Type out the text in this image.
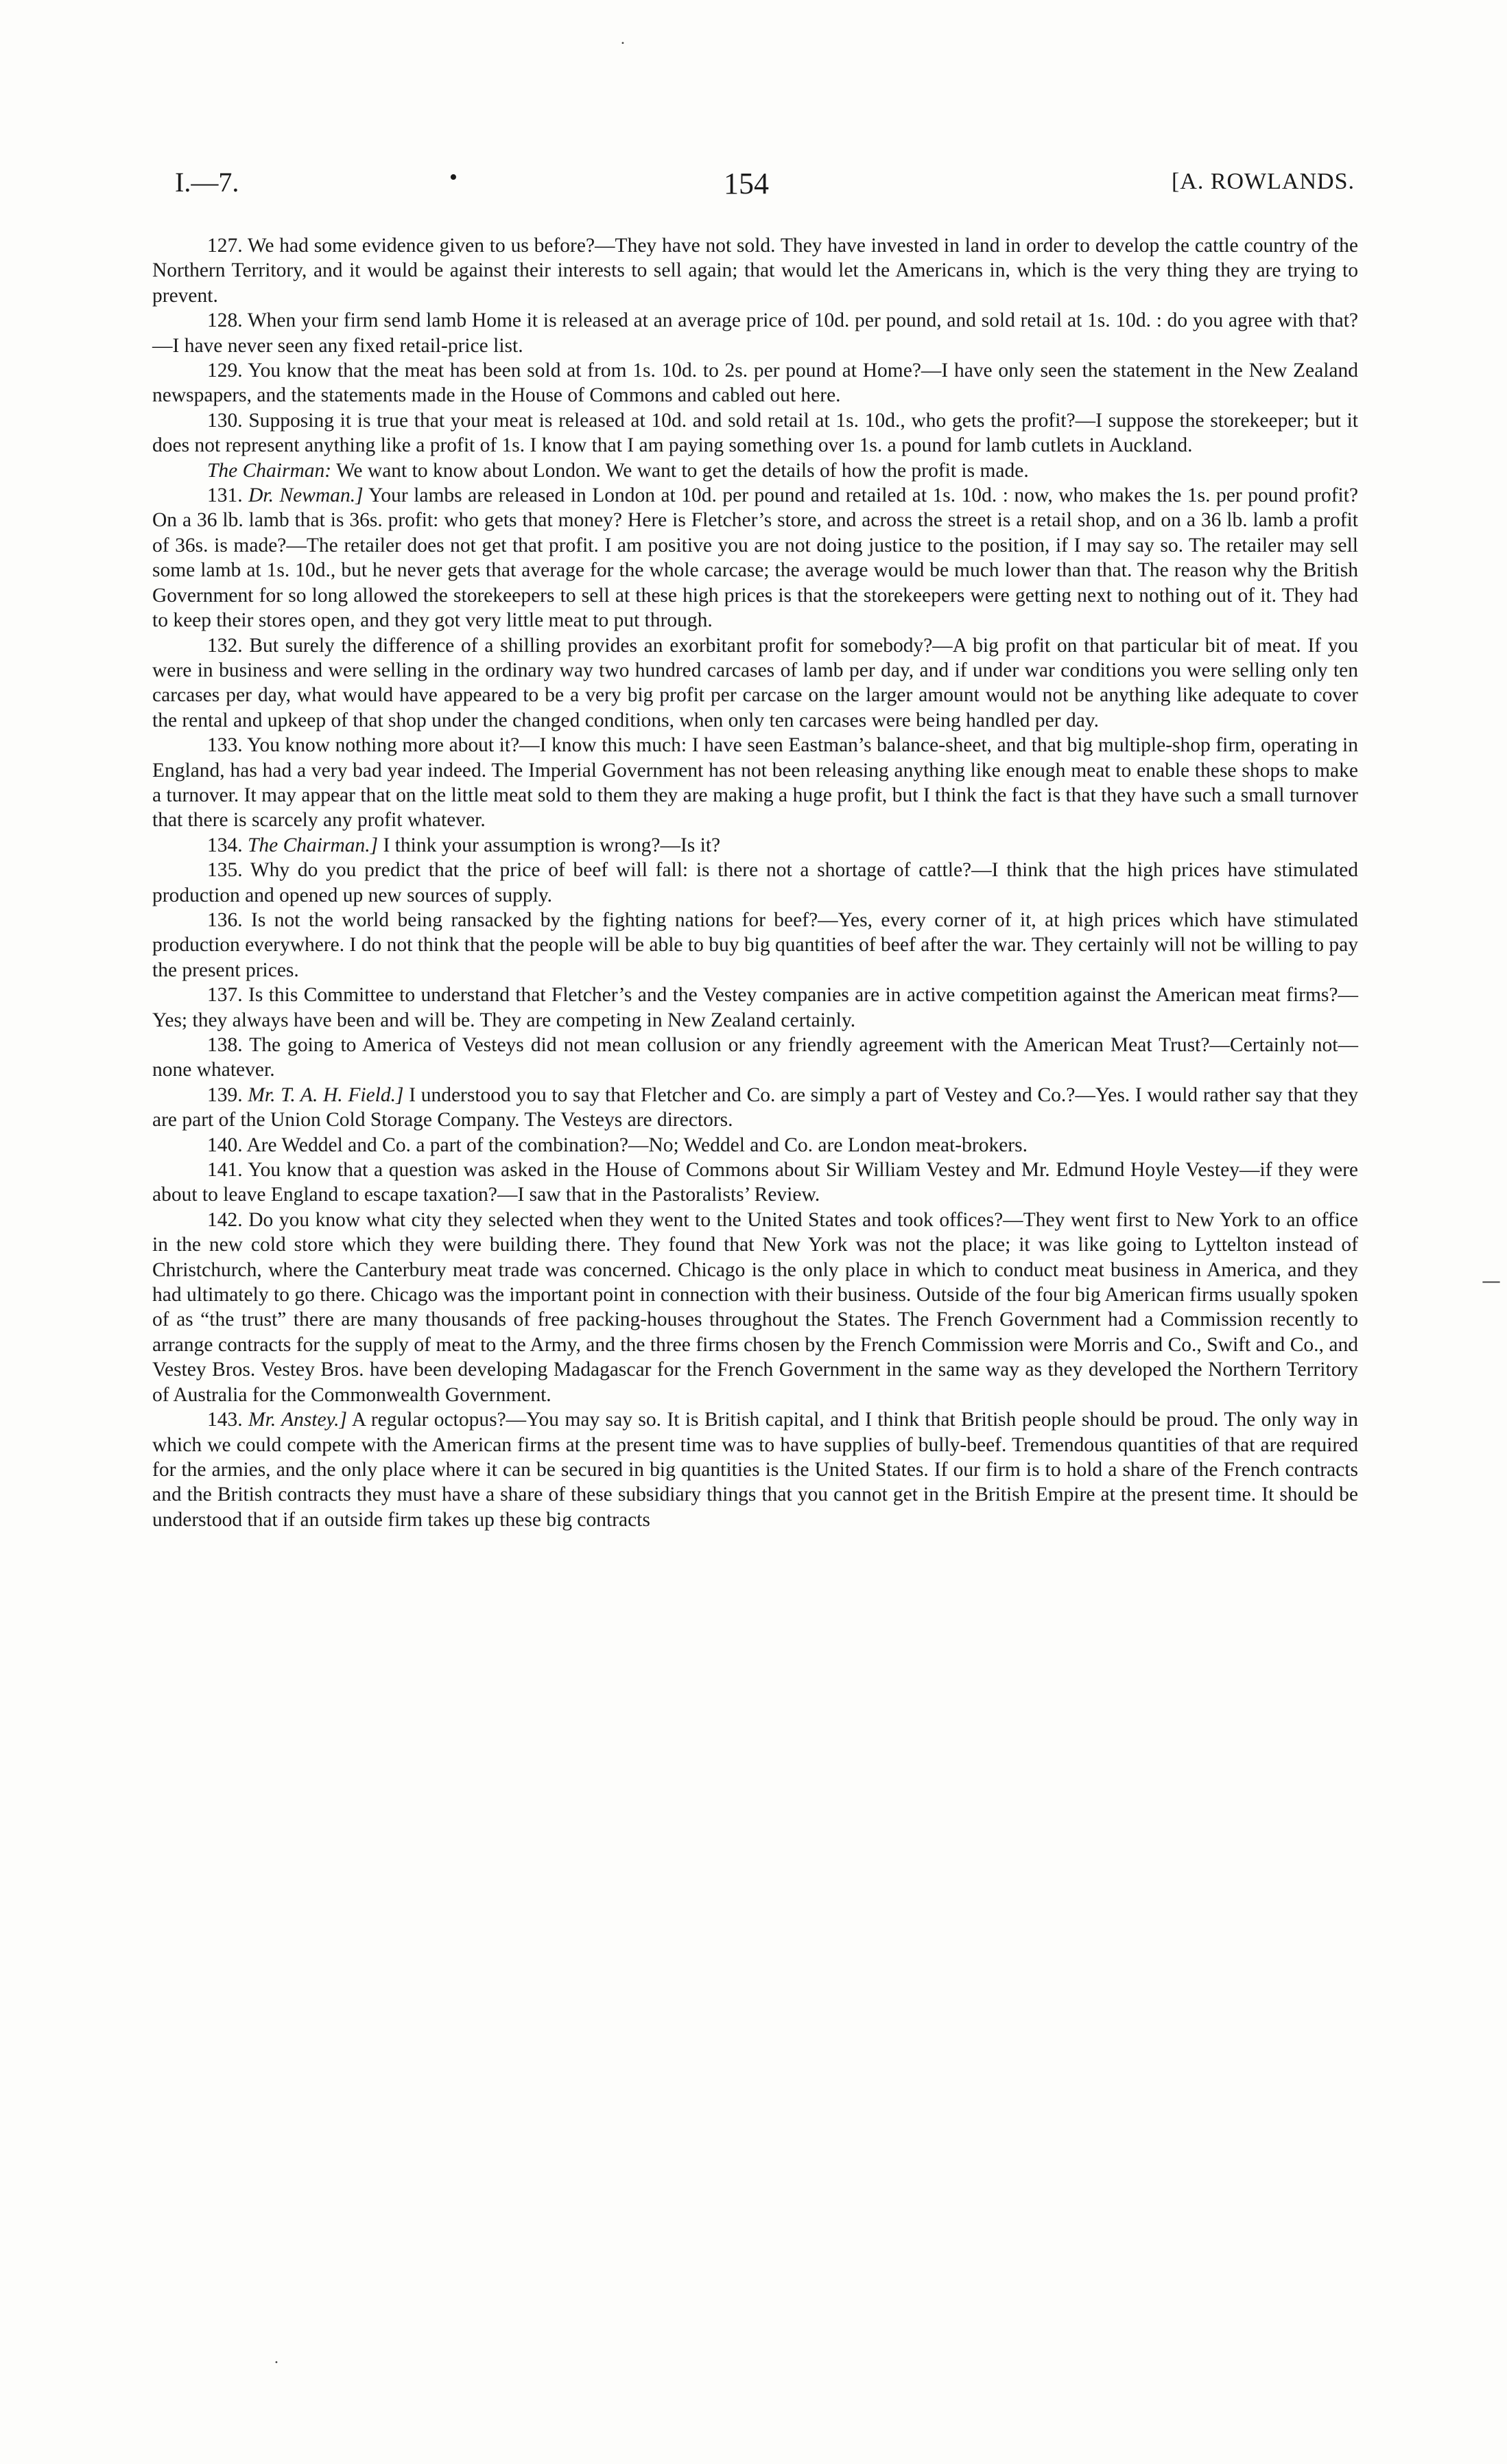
I.—7.	•	154	[A. ROWLANDS.

127. We had some evidence given to us before?—They have not sold. They have invested in land in order to develop the cattle country of the Northern Territory, and it would be against their interests to sell again; that would let the Americans in, which is the very thing they are trying to prevent.

128. When your firm send lamb Home it is released at an average price of 10d. per pound, and sold retail at 1s. 10d. : do you agree with that?—I have never seen any fixed retail-price list.

129. You know that the meat has been sold at from 1s. 10d. to 2s. per pound at Home?—I have only seen the statement in the New Zealand newspapers, and the statements made in the House of Commons and cabled out here.

130. Supposing it is true that your meat is released at 10d. and sold retail at 1s. 10d., who gets the profit?—I suppose the storekeeper; but it does not represent anything like a profit of 1s. I know that I am paying something over 1s. a pound for lamb cutlets in Auckland.

The Chairman: We want to know about London. We want to get the details of how the profit is made.

131. Dr. Newman.] Your lambs are released in London at 10d. per pound and retailed at 1s. 10d. : now, who makes the 1s. per pound profit? On a 36 lb. lamb that is 36s. profit: who gets that money? Here is Fletcher’s store, and across the street is a retail shop, and on a 36 lb. lamb a profit of 36s. is made?—The retailer does not get that profit. I am positive you are not doing justice to the position, if I may say so. The retailer may sell some lamb at 1s. 10d., but he never gets that average for the whole carcase; the average would be much lower than that. The reason why the British Government for so long allowed the storekeepers to sell at these high prices is that the storekeepers were getting next to nothing out of it. They had to keep their stores open, and they got very little meat to put through.

132. But surely the difference of a shilling provides an exorbitant profit for somebody?—A big profit on that particular bit of meat. If you were in business and were selling in the ordinary way two hundred carcases of lamb per day, and if under war conditions you were selling only ten carcases per day, what would have appeared to be a very big profit per carcase on the larger amount would not be anything like adequate to cover the rental and upkeep of that shop under the changed conditions, when only ten carcases were being handled per day.

133. You know nothing more about it?—I know this much: I have seen Eastman’s balance-sheet, and that big multiple-shop firm, operating in England, has had a very bad year indeed. The Imperial Government has not been releasing anything like enough meat to enable these shops to make a turnover. It may appear that on the little meat sold to them they are making a huge profit, but I think the fact is that they have such a small turnover that there is scarcely any profit whatever.

134. The Chairman.] I think your assumption is wrong?—Is it?

135. Why do you predict that the price of beef will fall: is there not a shortage of cattle?—I think that the high prices have stimulated production and opened up new sources of supply.

136. Is not the world being ransacked by the fighting nations for beef?—Yes, every corner of it, at high prices which have stimulated production everywhere. I do not think that the people will be able to buy big quantities of beef after the war. They certainly will not be willing to pay the present prices.

137. Is this Committee to understand that Fletcher’s and the Vestey companies are in active competition against the American meat firms?—Yes; they always have been and will be. They are competing in New Zealand certainly.

138. The going to America of Vesteys did not mean collusion or any friendly agreement with the American Meat Trust?—Certainly not—none whatever.

139. Mr. T. A. H. Field.] I understood you to say that Fletcher and Co. are simply a part of Vestey and Co.?—Yes. I would rather say that they are part of the Union Cold Storage Company. The Vesteys are directors.

140. Are Weddel and Co. a part of the combination?—No; Weddel and Co. are London meat-brokers.

141. You know that a question was asked in the House of Commons about Sir William Vestey and Mr. Edmund Hoyle Vestey—if they were about to leave England to escape taxation?—I saw that in the Pastoralists’ Review.

142. Do you know what city they selected when they went to the United States and took offices?—They went first to New York to an office in the new cold store which they were building there. They found that New York was not the place; it was like going to Lyttelton instead of Christchurch, where the Canterbury meat trade was concerned. Chicago is the only place in which to conduct meat business in America, and they had ultimately to go there. Chicago was the important point in connection with their business. Outside of the four big American firms usually spoken of as “the trust” there are many thousands of free packing-houses throughout the States. The French Government had a Commission recently to arrange contracts for the supply of meat to the Army, and the three firms chosen by the French Commission were Morris and Co., Swift and Co., and Vestey Bros. Vestey Bros. have been developing Madagascar for the French Government in the same way as they developed the Northern Territory of Australia for the Commonwealth Government.

143. Mr. Anstey.] A regular octopus?—You may say so. It is British capital, and I think that British people should be proud. The only way in which we could compete with the American firms at the present time was to have supplies of bully-beef. Tremendous quantities of that are required for the armies, and the only place where it can be secured in big quantities is the United States. If our firm is to hold a share of the French contracts and the British contracts they must have a share of these subsidiary things that you cannot get in the British Empire at the present time. It should be understood that if an outside firm takes up these big contracts

•
—
•
